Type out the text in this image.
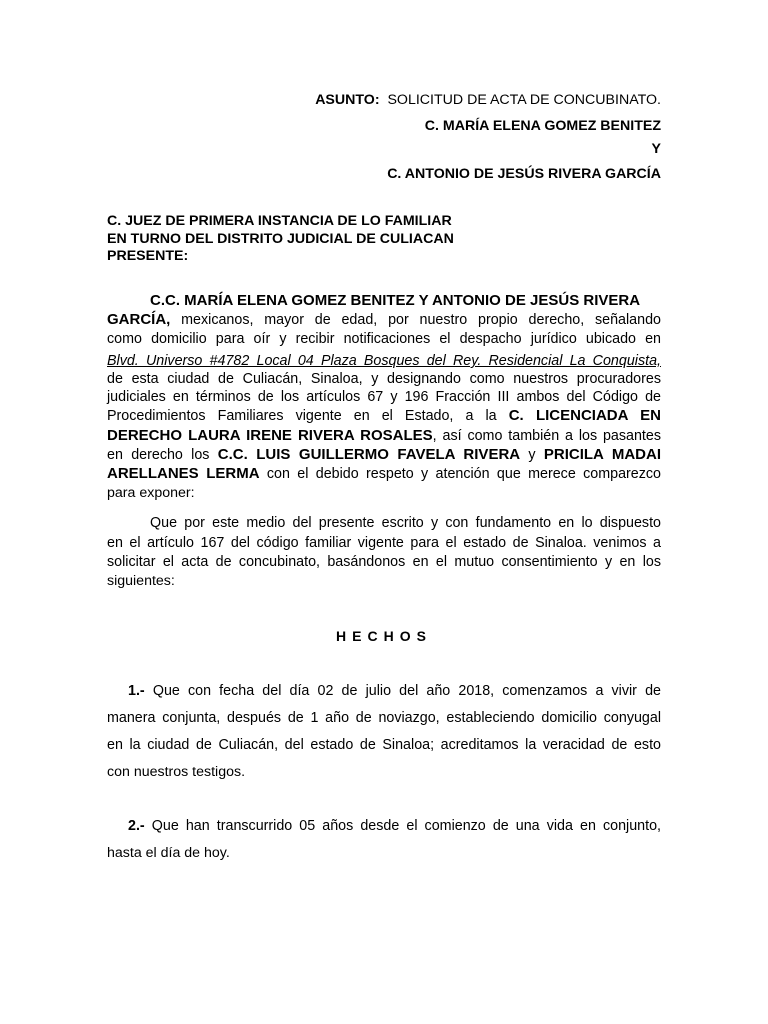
ASUNTO: SOLICITUD DE ACTA DE CONCUBINATO.
C. MARÍA ELENA GOMEZ BENITEZ
Y
C. ANTONIO DE JESÚS RIVERA GARCÍA
C. JUEZ DE PRIMERA INSTANCIA DE LO FAMILIAR
EN TURNO DEL DISTRITO JUDICIAL DE CULIACAN
PRESENTE:
C.C. MARÍA ELENA GOMEZ BENITEZ Y ANTONIO DE JESÚS RIVERA
GARCÍA, mexicanos, mayor de edad, por nuestro propio derecho, señalando
como domicilio para oír y recibir notificaciones el despacho jurídico ubicado en
Blvd. Universo #4782 Local 04 Plaza Bosques del Rey. Residencial La Conquista,
de esta ciudad de Culiacán, Sinaloa, y designando como nuestros procuradores
judiciales en términos de los artículos 67 y 196 Fracción III ambos del Código de
Procedimientos Familiares vigente en el Estado, a la C. LICENCIADA EN
DERECHO LAURA IRENE RIVERA ROSALES, así como también a los pasantes
en derecho los C.C. LUIS GUILLERMO FAVELA RIVERA y PRICILA MADAI
ARELLANES LERMA con el debido respeto y atención que merece comparezco
para exponer:
Que por este medio del presente escrito y con fundamento en lo dispuesto
en el artículo 167 del código familiar vigente para el estado de Sinaloa. venimos a
solicitar el acta de concubinato, basándonos en el mutuo consentimiento y en los
siguientes:
HECHOS
1.- Que con fecha del día 02 de julio del año 2018, comenzamos a vivir de
manera conjunta, después de 1 año de noviazgo, estableciendo domicilio conyugal
en la ciudad de Culiacán, del estado de Sinaloa; acreditamos la veracidad de esto
con nuestros testigos.
2.- Que han transcurrido 05 años desde el comienzo de una vida en conjunto,
hasta el día de hoy.
